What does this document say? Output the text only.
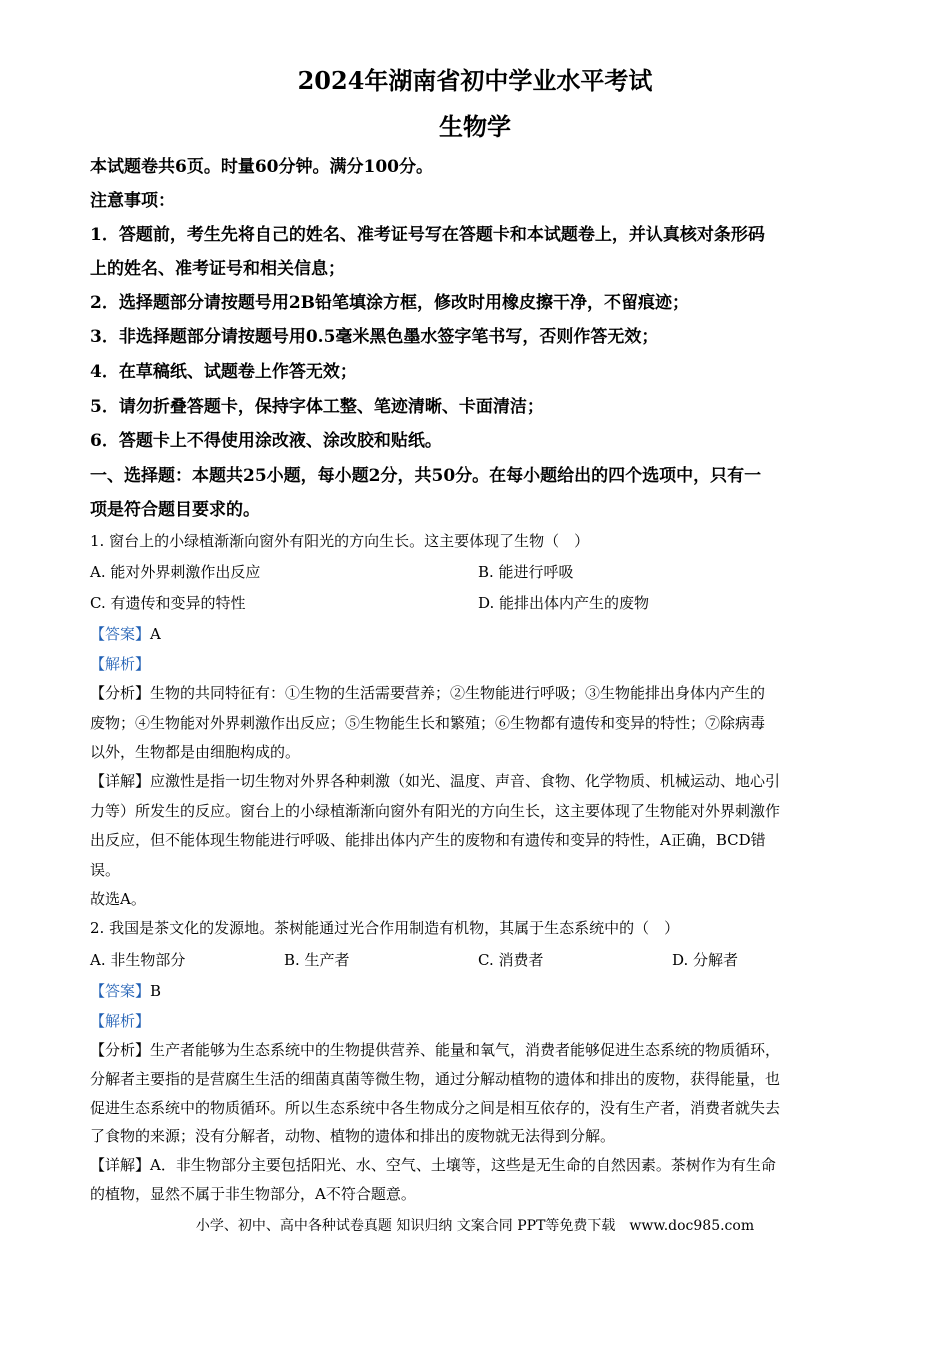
2024年湖南省初中学业水平考试
生物学
本试题卷共6页。时量60分钟。满分100分。
注意事项：
1．答题前，考生先将自己的姓名、准考证号写在答题卡和本试题卷上，并认真核对条形码
上的姓名、准考证号和相关信息；
2．选择题部分请按题号用2B铅笔填涂方框，修改时用橡皮擦干净，不留痕迹；
3．非选择题部分请按题号用0.5毫米黑色墨水签字笔书写，否则作答无效；
4．在草稿纸、试题卷上作答无效；
5．请勿折叠答题卡，保持字体工整、笔迹清晰、卡面清洁；
6．答题卡上不得使用涂改液、涂改胶和贴纸。
一、选择题：本题共25小题，每小题2分，共50分。在每小题给出的四个选项中，只有一
项是符合题目要求的。
1. 窗台上的小绿植渐渐向窗外有阳光的方向生长。这主要体现了生物（　）
A. 能对外界刺激作出反应	B. 能进行呼吸
C. 有遗传和变异的特性	D. 能排出体内产生的废物
【答案】A
【解析】
【分析】生物的共同特征有：①生物的生活需要营养；②生物能进行呼吸；③生物能排出身体内产生的
废物；④生物能对外界刺激作出反应；⑤生物能生长和繁殖；⑥生物都有遗传和变异的特性；⑦除病毒
以外，生物都是由细胞构成的。
【详解】应激性是指一切生物对外界各种刺激（如光、温度、声音、食物、化学物质、机械运动、地心引
力等）所发生的反应。窗台上的小绿植渐渐向窗外有阳光的方向生长，这主要体现了生物能对外界刺激作
出反应，但不能体现生物能进行呼吸、能排出体内产生的废物和有遗传和变异的特性，A正确，BCD错
误。
故选A。
2. 我国是茶文化的发源地。茶树能通过光合作用制造有机物，其属于生态系统中的（　）
A. 非生物部分	B. 生产者	C. 消费者	D. 分解者
【答案】B
【解析】
【分析】生产者能够为生态系统中的生物提供营养、能量和氧气，消费者能够促进生态系统的物质循环，
分解者主要指的是营腐生生活的细菌真菌等微生物，通过分解动植物的遗体和排出的废物，获得能量，也
促进生态系统中的物质循环。所以生态系统中各生物成分之间是相互依存的，没有生产者，消费者就失去
了食物的来源；没有分解者，动物、植物的遗体和排出的废物就无法得到分解。
【详解】A．非生物部分主要包括阳光、水、空气、土壤等，这些是无生命的自然因素。茶树作为有生命
的植物，显然不属于非生物部分，A不符合题意。
小学、初中、高中各种试卷真题 知识归纳 文案合同 PPT等免费下载　www.doc985.com
